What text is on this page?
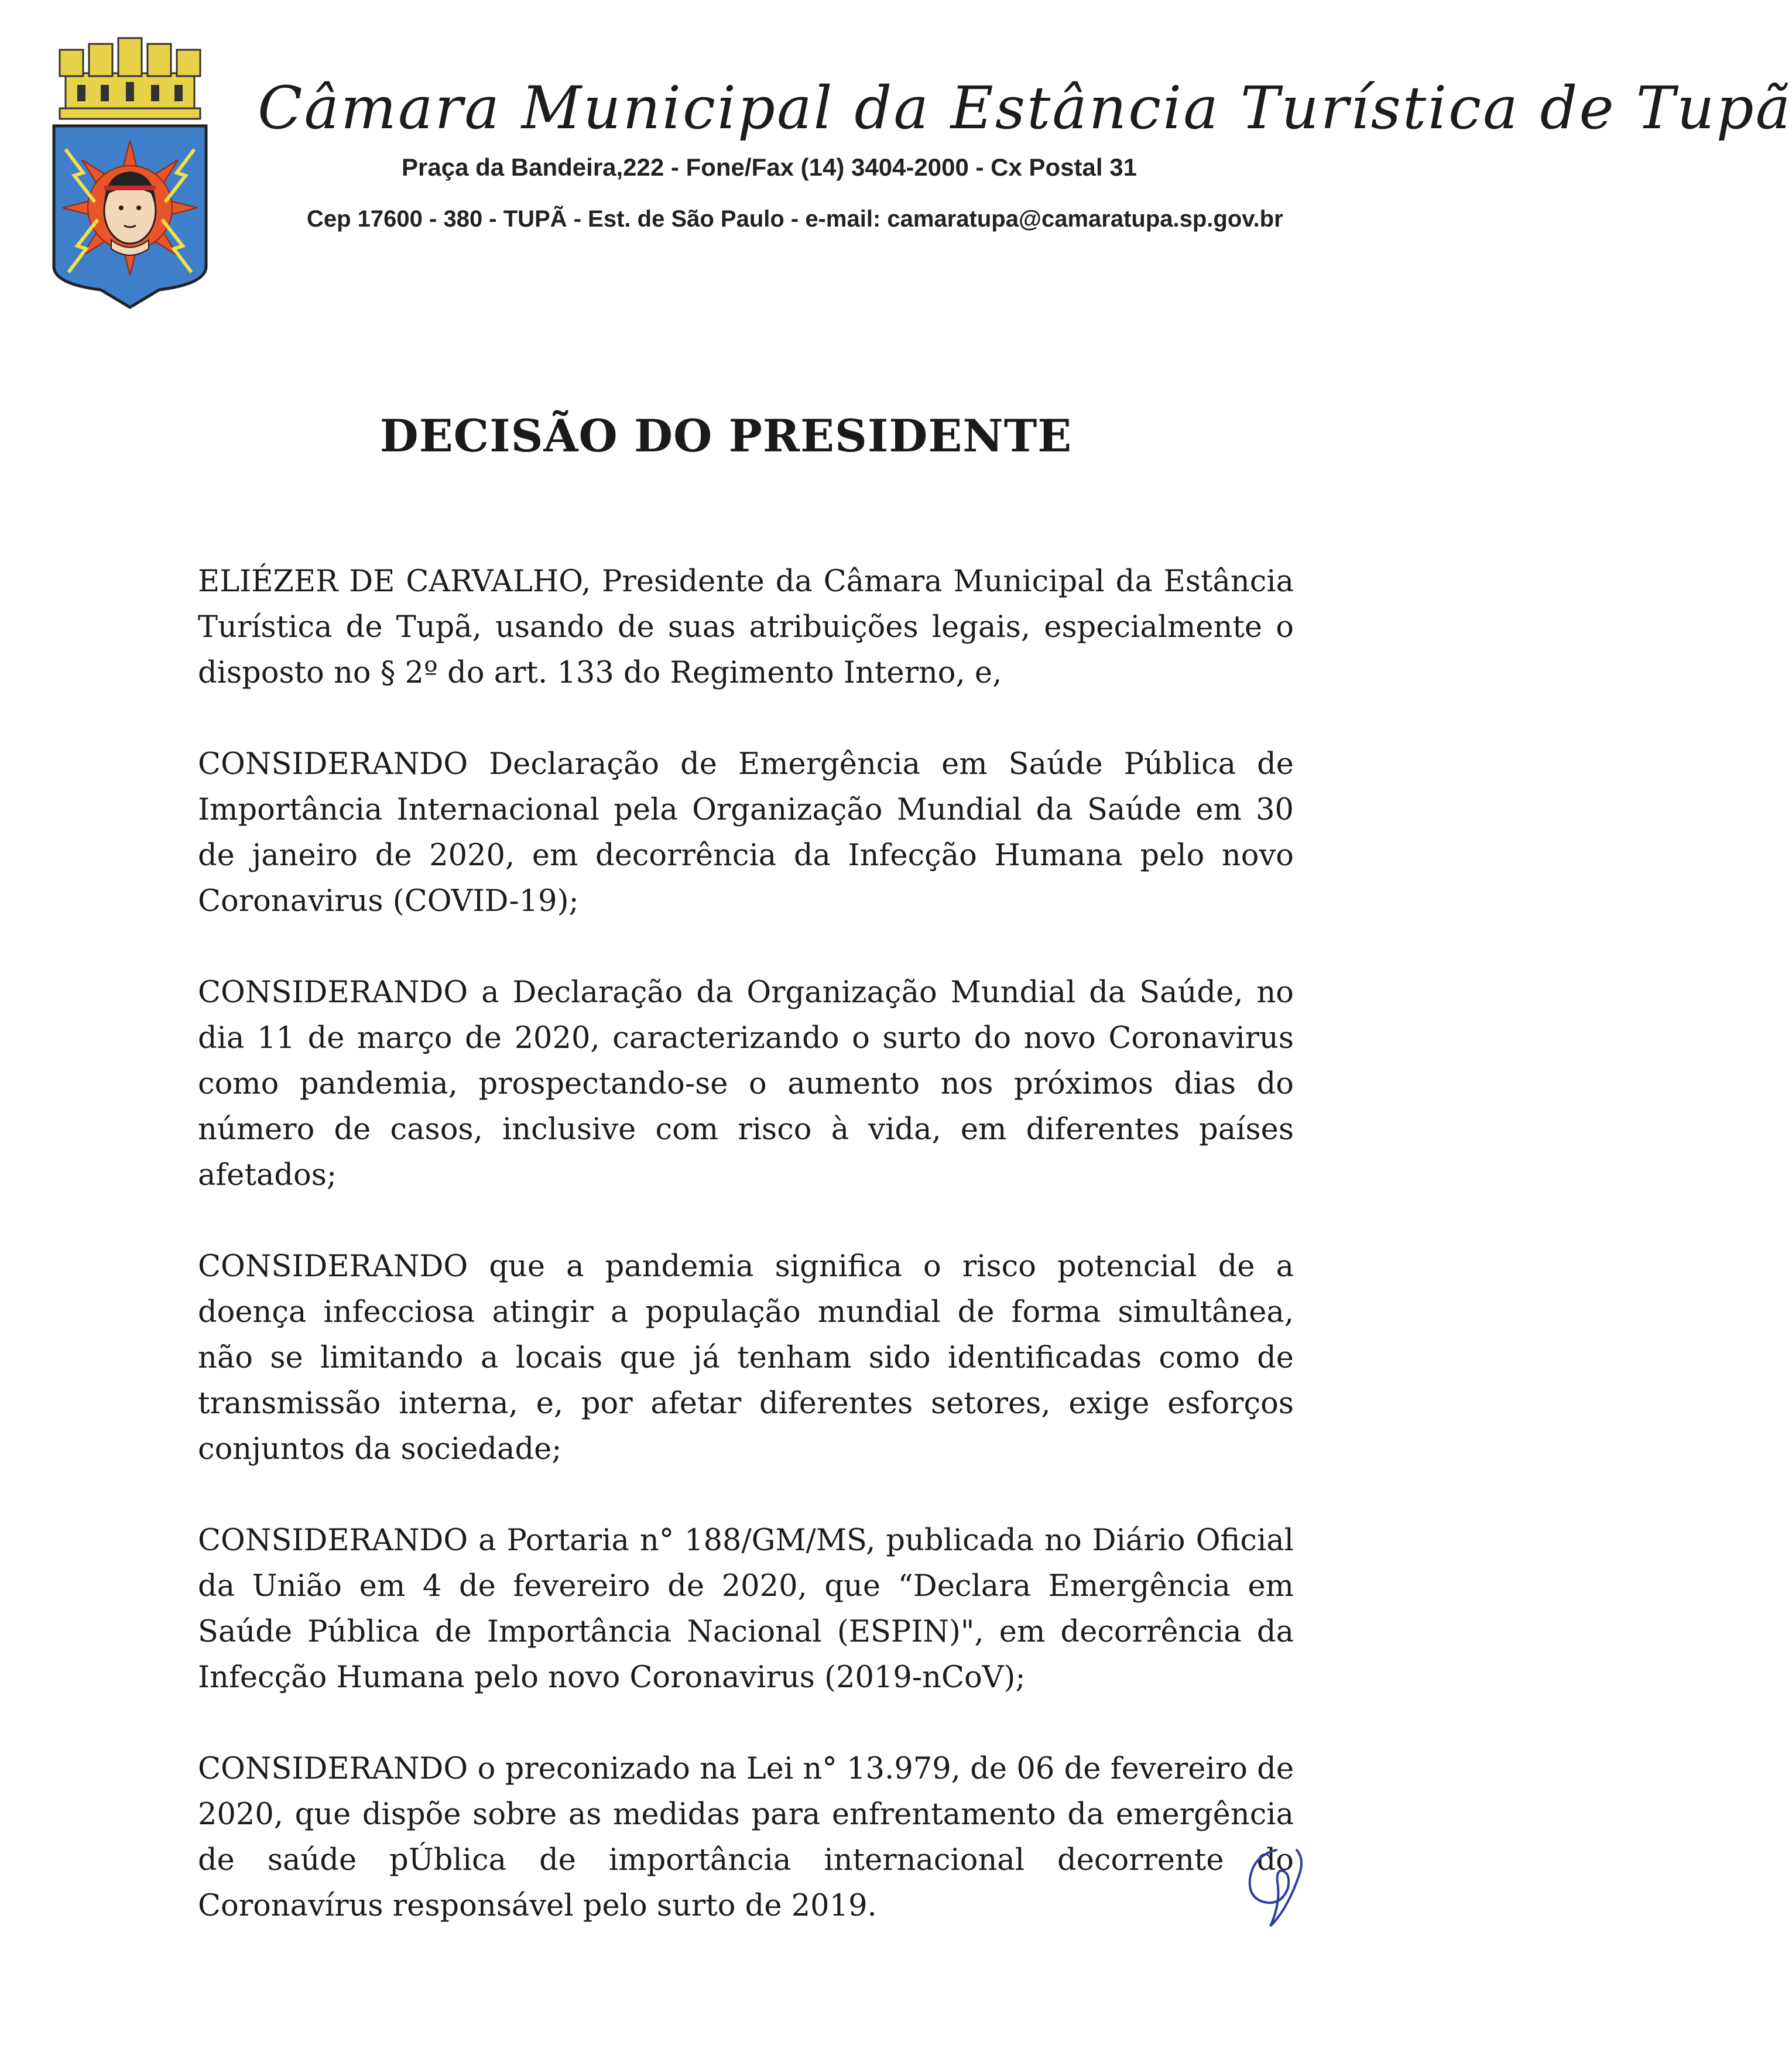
Câmara Municipal da Estância Turística de Tupã
Praça da Bandeira,222 - Fone/Fax (14) 3404-2000 - Cx Postal 31
Cep 17600 - 380 - TUPÃ - Est. de São Paulo - e-mail: camaratupa@camaratupa.sp.gov.br
DECISÃO DO PRESIDENTE

ELIÉZER DE CARVALHO, Presidente da Câmara Municipal da Estância Turística de Tupã, usando de suas atribuições legais, especialmente o disposto no § 2º do art. 133 do Regimento Interno, e,

CONSIDERANDO Declaração de Emergência em Saúde Pública de Importância Internacional pela Organização Mundial da Saúde em 30 de janeiro de 2020, em decorrência da Infecção Humana pelo novo Coronavirus (COVID-19);

CONSIDERANDO a Declaração da Organização Mundial da Saúde, no dia 11 de março de 2020, caracterizando o surto do novo Coronavirus como pandemia, prospectando-se o aumento nos próximos dias do número de casos, inclusive com risco à vida, em diferentes países afetados;

CONSIDERANDO que a pandemia significa o risco potencial de a doença infecciosa atingir a população mundial de forma simultânea, não se limitando a locais que já tenham sido identificadas como de transmissão interna, e, por afetar diferentes setores, exige esforços conjuntos da sociedade;

CONSIDERANDO a Portaria n° 188/GM/MS, publicada no Diário Oficial da União em 4 de fevereiro de 2020, que “Declara Emergência em Saúde Pública de Importância Nacional (ESPIN)", em decorrência da Infecção Humana pelo novo Coronavirus (2019-nCoV);

CONSIDERANDO o preconizado na Lei n° 13.979, de 06 de fevereiro de 2020, que dispõe sobre as medidas para enfrentamento da emergência de saúde pÚblica de importância internacional decorrente do Coronavírus responsável pelo surto de 2019.
